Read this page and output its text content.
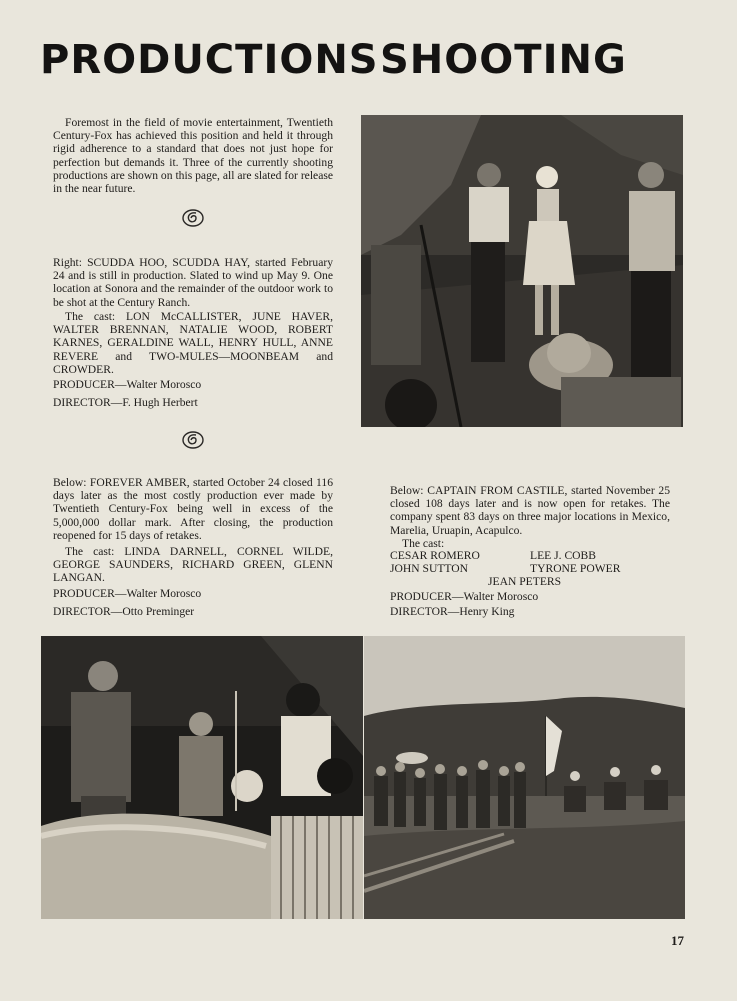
PRODUCTIONS SHOOTING

Foremost in the field of movie entertainment, Twentieth Century-Fox has achieved this position and held it through rigid adherence to a standard that does not just hope for perfection but demands it. Three of the currently shooting productions are shown on this page, all are slated for release in the near future.

Right: SCUDDA HOO, SCUDDA HAY, started February 24 and is still in production. Slated to wind up May 9. One location at Sonora and the remainder of the outdoor work to be shot at the Century Ranch.

The cast: LON McCALLISTER, JUNE HAVER, WALTER BRENNAN, NATALIE WOOD, ROBERT KARNES, GERALDINE WALL, HENRY HULL, ANNE REVERE and TWO-MULES—MOONBEAM and CROWDER.

PRODUCER—Walter Morosco

DIRECTOR—F. Hugh Herbert

Below: FOREVER AMBER, started October 24 closed 116 days later as the most costly production ever made by Twentieth Century-Fox being well in excess of the 5,000,000 dollar mark. After closing, the production reopened for 15 days of retakes.

The cast: LINDA DARNELL, CORNEL WILDE, GEORGE SAUNDERS, RICHARD GREEN, GLENN LANGAN.

PRODUCER—Walter Morosco

DIRECTOR—Otto Preminger

Below: CAPTAIN FROM CASTILE, started November 25 closed 108 days later and is now open for retakes. The company spent 83 days on three major locations in Mexico, Marelia, Uruapin, Acapulco.

The cast:

CESAR ROMERO	LEE J. COBB

JOHN SUTTON	TYRONE POWER

JEAN PETERS

PRODUCER—Walter Morosco

DIRECTOR—Henry King

17
